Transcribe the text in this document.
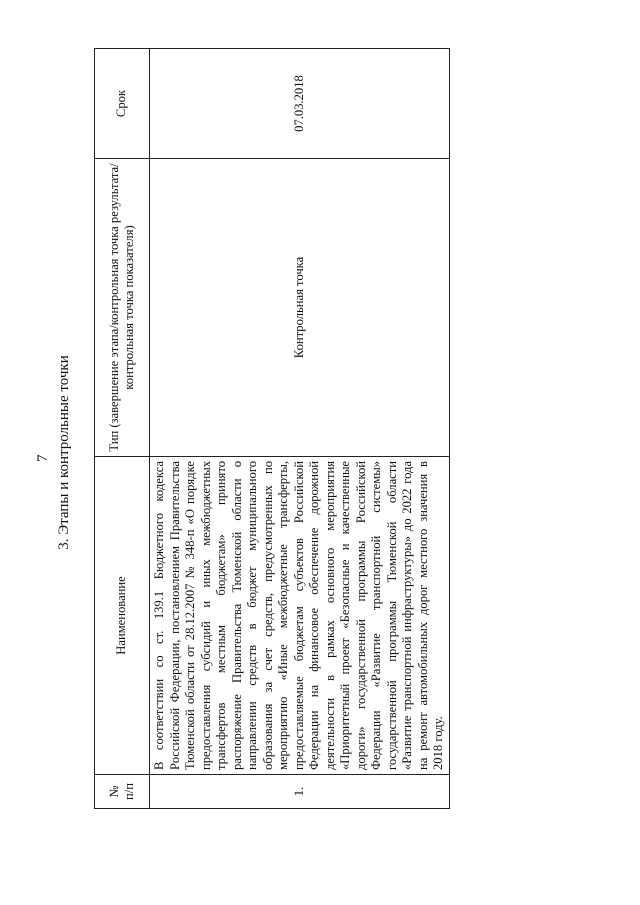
7 3. Этапы и контрольные точки
№ п/п	Наименование	Тип (завершение этапа/контрольная точка результата/контрольная точка показателя)	Срок
1.	В соответствии со ст. 139.1 Бюджетного кодекса Российской Федерации, постановлением Правительства Тюменской области от 28.12.2007 № 348-п «О порядке предоставления субсидий и иных межбюджетных трансфертов местным бюджетам» принято распоряжение Правительства Тюменской области о направлении средств в бюджет муниципального образования за счет средств, предусмотренных по мероприятию «Иные межбюджетные трансферты, предоставляемые бюджетам субъектов Российской Федерации на финансовое обеспечение дорожной деятельности в рамках основного мероприятия «Приоритетный проект «Безопасные и качественные дороги» государственной программы Российской Федерации «Развитие транспортной системы» государственной программы Тюменской области «Развитие транспортной инфраструктуры» до 2022 года на ремонт автомобильных дорог местного значения в 2018 году.	Контрольная точка	07.03.2018
